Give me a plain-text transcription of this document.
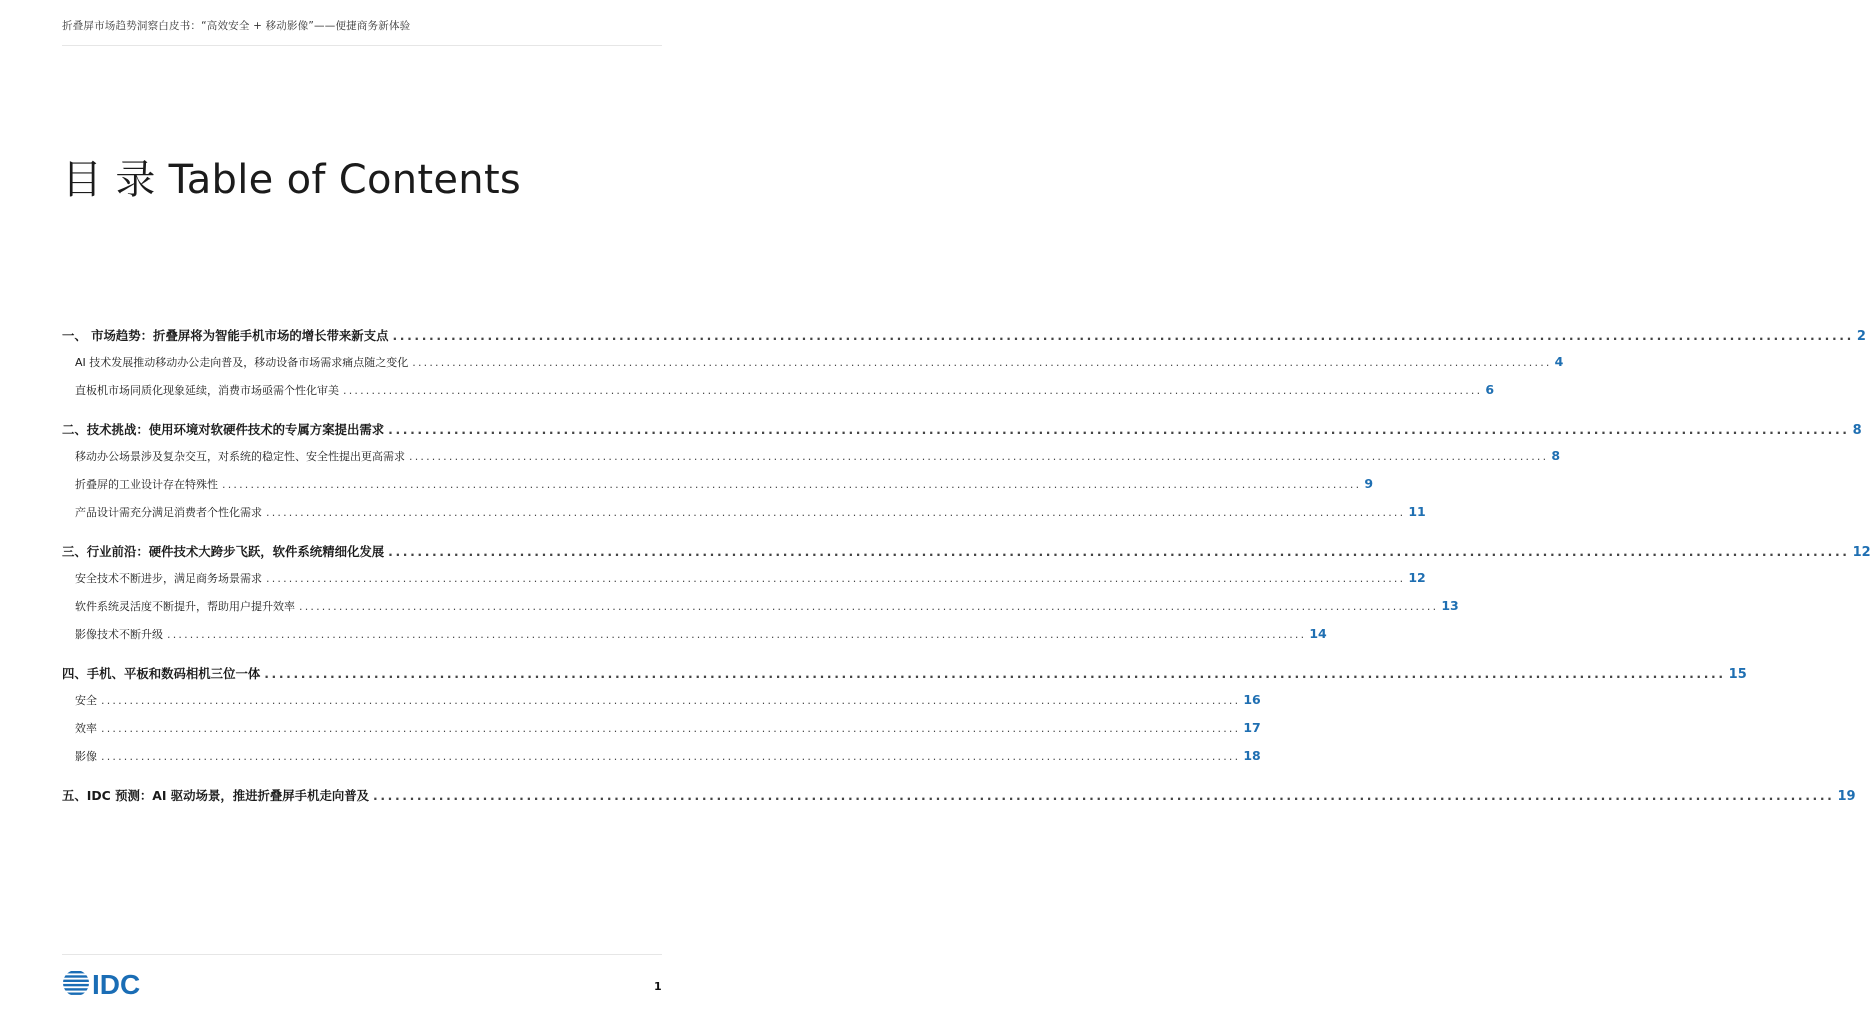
折叠屏市场趋势洞察白皮书：“高效安全 + 移动影像”——便捷商务新体验
目 录 Table of Contents
一、 市场趋势：折叠屏将为智能手机市场的增长带来新支点 ........................................................................................................................................................................................................ 2
AI 技术发展推动移动办公走向普及，移动设备市场需求痛点随之变化 ........................................................................................................................................................................................................ 4
直板机市场同质化现象延续，消费市场亟需个性化审美 ........................................................................................................................................................................................................ 6
二、技术挑战：使用环境对软硬件技术的专属方案提出需求 ........................................................................................................................................................................................................ 8
移动办公场景涉及复杂交互，对系统的稳定性、安全性提出更高需求 ........................................................................................................................................................................................................ 8
折叠屏的工业设计存在特殊性 ........................................................................................................................................................................................................ 9
产品设计需充分满足消费者个性化需求 ........................................................................................................................................................................................................ 11
三、行业前沿：硬件技术大跨步飞跃，软件系统精细化发展 ........................................................................................................................................................................................................ 12
安全技术不断进步，满足商务场景需求 ........................................................................................................................................................................................................ 12
软件系统灵活度不断提升，帮助用户提升效率 ........................................................................................................................................................................................................ 13
影像技术不断升级 ........................................................................................................................................................................................................ 14
四、手机、平板和数码相机三位一体 ........................................................................................................................................................................................................ 15
安全 ........................................................................................................................................................................................................ 16
效率 ........................................................................................................................................................................................................ 17
影像 ........................................................................................................................................................................................................ 18
五、IDC 预测：AI 驱动场景，推进折叠屏手机走向普及 ........................................................................................................................................................................................................ 19
IDC	1
